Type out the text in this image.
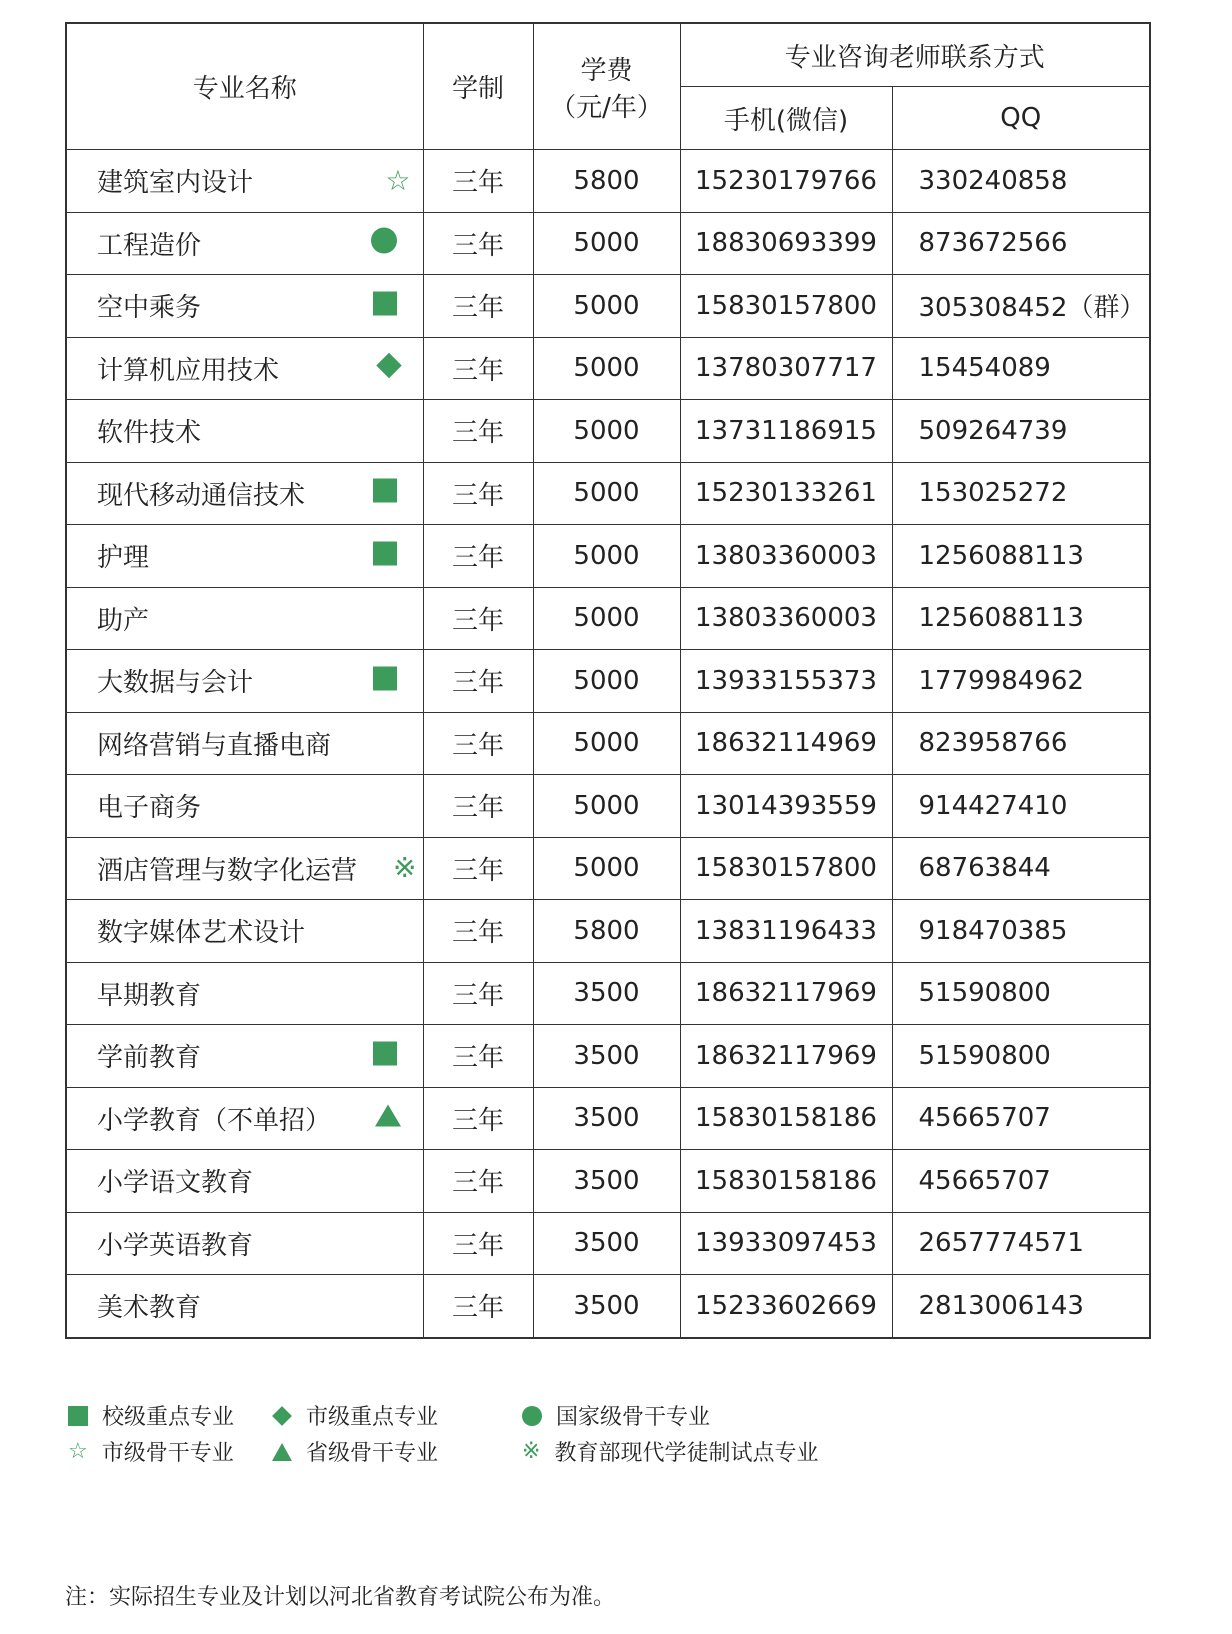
专业名称	学制	学费
（元/年）	专业咨询老师联系方式	
			手机(微信)	QQ
建筑室内设计 ☆	三年	5800	15230179766	330240858
工程造价	三年	5000	18830693399	873672566
空中乘务	三年	5000	15830157800	305308452（群）
计算机应用技术	三年	5000	13780307717	15454089
软件技术	三年	5000	13731186915	509264739
现代移动通信技术	三年	5000	15230133261	153025272
护理	三年	5000	13803360003	1256088113
助产	三年	5000	13803360003	1256088113
大数据与会计	三年	5000	13933155373	1779984962
网络营销与直播电商	三年	5000	18632114969	823958766
电子商务	三年	5000	13014393559	914427410
酒店管理与数字化运营 ※	三年	5000	15830157800	68763844
数字媒体艺术设计	三年	5800	13831196433	918470385
早期教育	三年	3500	18632117969	51590800
学前教育	三年	3500	18632117969	51590800
小学教育（不单招）	三年	3500	15830158186	45665707
小学语文教育	三年	3500	15830158186	45665707
小学英语教育	三年	3500	13933097453	2657774571
美术教育	三年	3500	15233602669	2813006143
校级重点专业	市级重点专业	国家级骨干专业
☆ 市级骨干专业	省级骨干专业	※ 教育部现代学徒制试点专业
注：实际招生专业及计划以河北省教育考试院公布为准。
